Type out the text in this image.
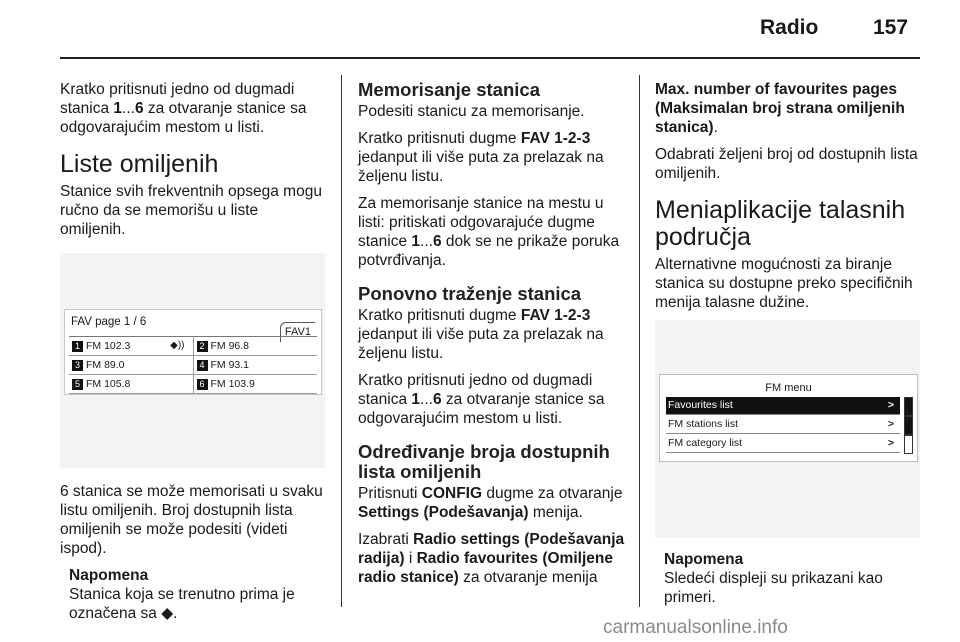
Radio	157

Kratko pritisnuti jedno od dugmadi stanica 1...6 za otvaranje stanice sa odgovarajućim mestom u listi.

Liste omiljenih

Stanice svih frekventnih opsega mogu ručno da se memorišu u liste omiljenih.

FAV page 1 / 6
FAV1
1 FM 102.3	◆))	2 FM 96.8
3 FM 89.0	4 FM 93.1
5 FM 105.8	6 FM 103.9

6 stanica se može memorisati u svaku listu omiljenih. Broj dostupnih lista omiljenih se može podesiti (videti ispod).

Napomena
Stanica koja se trenutno prima je označena sa ◆.
Memorisanje stanica

Podesiti stanicu za memorisanje.

Kratko pritisnuti dugme FAV 1-2-3 jedanput ili više puta za prelazak na željenu listu.

Za memorisanje stanice na mestu u listi: pritiskati odgovarajuće dugme stanice 1...6 dok se ne prikaže poruka potvrđivanja.

Ponovno traženje stanica

Kratko pritisnuti dugme FAV 1-2-3 jedanput ili više puta za prelazak na željenu listu.

Kratko pritisnuti jedno od dugmadi stanica 1...6 za otvaranje stanice sa odgovarajućim mestom u listi.

Određivanje broja dostupnih lista omiljenih

Pritisnuti CONFIG dugme za otvaranje Settings (Podešavanja) menija.

Izabrati Radio settings (Podešavanja radija) i Radio favourites (Omiljene radio stanice) za otvaranje menija

Max. number of favourites pages (Maksimalan broj strana omiljenih stanica).

Odabrati željeni broj od dostupnih lista omiljenih.

Meniaplikacije talasnih područja

Alternativne mogućnosti za biranje stanica su dostupne preko specifičnih menija talasne dužine.

FM menu
Favourites list	>
FM stations list	>
FM category list	>
Napomena
Sledeći displeji su prikazani kao primeri.
carmanualsonline.info
